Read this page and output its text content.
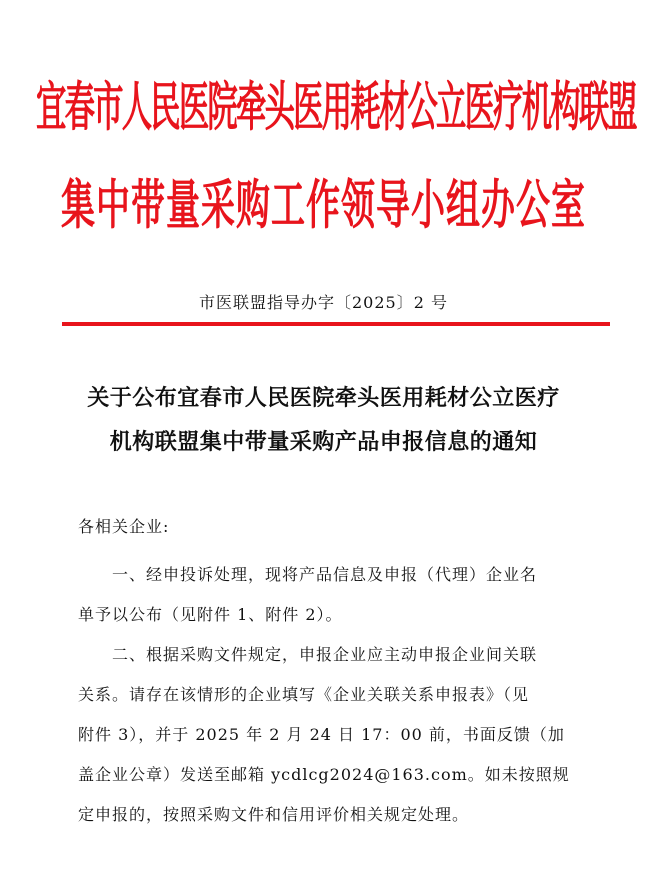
宜春市人民医院牵头医用耗材公立医疗机构联盟
集中带量采购工作领导小组办公室
市医联盟指导办字〔2025〕2 号
关于公布宜春市人民医院牵头医用耗材公立医疗
机构联盟集中带量采购产品申报信息的通知
各相关企业:
一、经申投诉处理，现将产品信息及申报（代理）企业名
单予以公布（见附件 1、附件 2）。
二、根据采购文件规定，申报企业应主动申报企业间关联
关系。请存在该情形的企业填写《企业关联关系申报表》（见
附件 3），并于 2025 年 2 月 24 日 17：00 前，书面反馈（加
盖企业公章）发送至邮箱 ycdlcg2024@163.com。如未按照规
定申报的，按照采购文件和信用评价相关规定处理。
